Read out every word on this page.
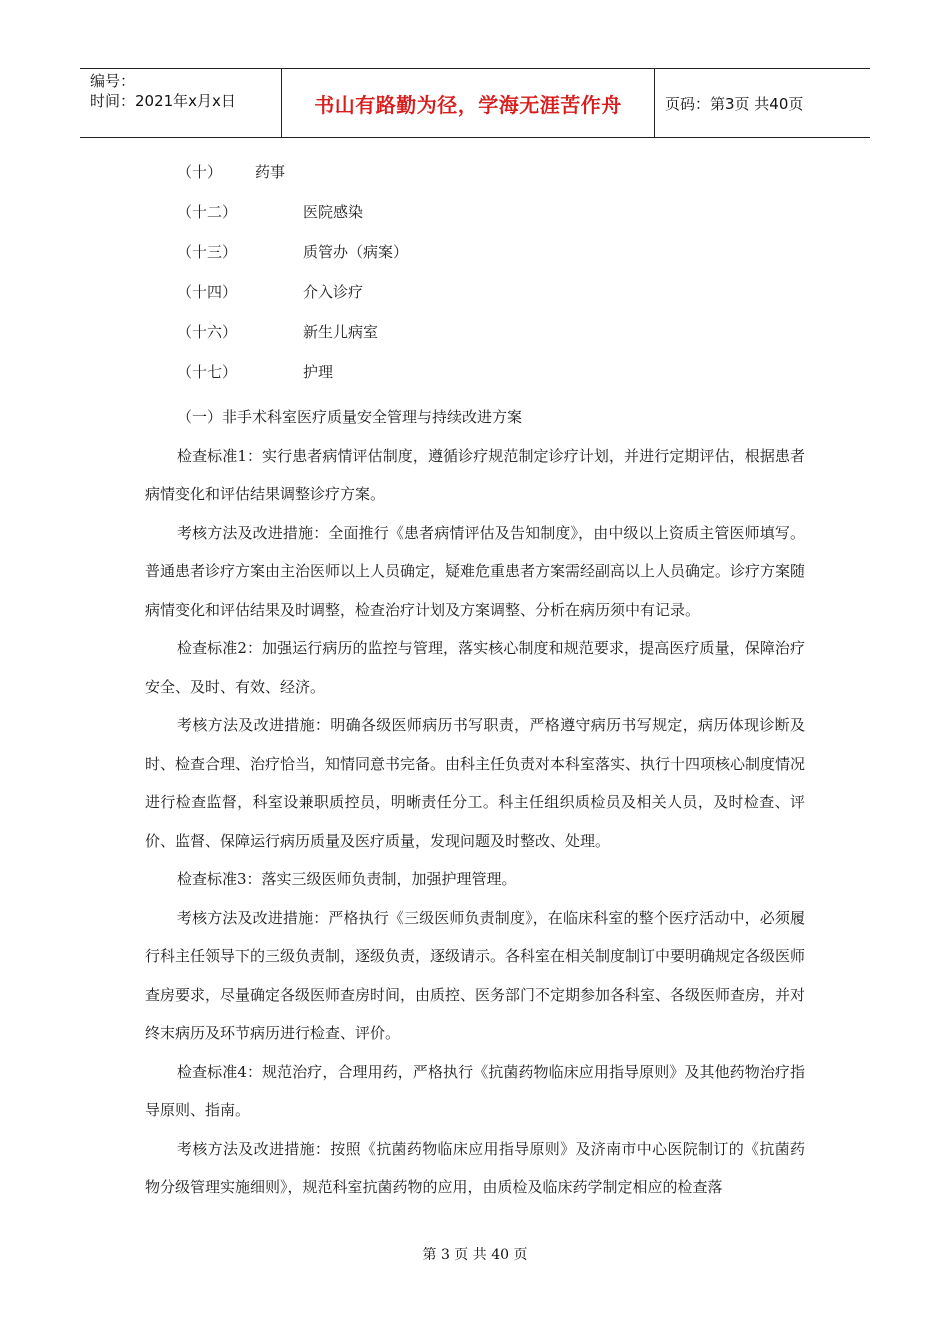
编号：
时间：2021年x月x日	书山有路勤为径，学海无涯苦作舟	页码：第3页 共40页
（十） 药事
（十二）	医院感染
（十三）	质管办（病案）
（十四）	介入诊疗
（十六）	新生儿病室
（十七）	护理

（一）非手术科室医疗质量安全管理与持续改进方案

检查标准1：实行患者病情评估制度，遵循诊疗规范制定诊疗计划，并进行定期评估，根据患者病情变化和评估结果调整诊疗方案。

考核方法及改进措施：全面推行《患者病情评估及告知制度》，由中级以上资质主管医师填写。普通患者诊疗方案由主治医师以上人员确定，疑难危重患者方案需经副高以上人员确定。诊疗方案随病情变化和评估结果及时调整，检查治疗计划及方案调整、分析在病历须中有记录。

检查标准2：加强运行病历的监控与管理，落实核心制度和规范要求，提高医疗质量，保障治疗安全、及时、有效、经济。

考核方法及改进措施：明确各级医师病历书写职责，严格遵守病历书写规定，病历体现诊断及时、检查合理、治疗恰当，知情同意书完备。由科主任负责对本科室落实、执行十四项核心制度情况进行检查监督，科室设兼职质控员，明晰责任分工。科主任组织质检员及相关人员，及时检查、评价、监督、保障运行病历质量及医疗质量，发现问题及时整改、处理。

检查标准3：落实三级医师负责制，加强护理管理。

考核方法及改进措施：严格执行《三级医师负责制度》，在临床科室的整个医疗活动中，必须履行科主任领导下的三级负责制，逐级负责，逐级请示。各科室在相关制度制订中要明确规定各级医师查房要求，尽量确定各级医师查房时间，由质控、医务部门不定期参加各科室、各级医师查房，并对终末病历及环节病历进行检查、评价。

检查标准4：规范治疗，合理用药，严格执行《抗菌药物临床应用指导原则》及其他药物治疗指导原则、指南。

考核方法及改进措施：按照《抗菌药物临床应用指导原则》及济南市中心医院制订的《抗菌药物分级管理实施细则》，规范科室抗菌药物的应用，由质检及临床药学制定相应的检查落

第 3 页 共 40 页
